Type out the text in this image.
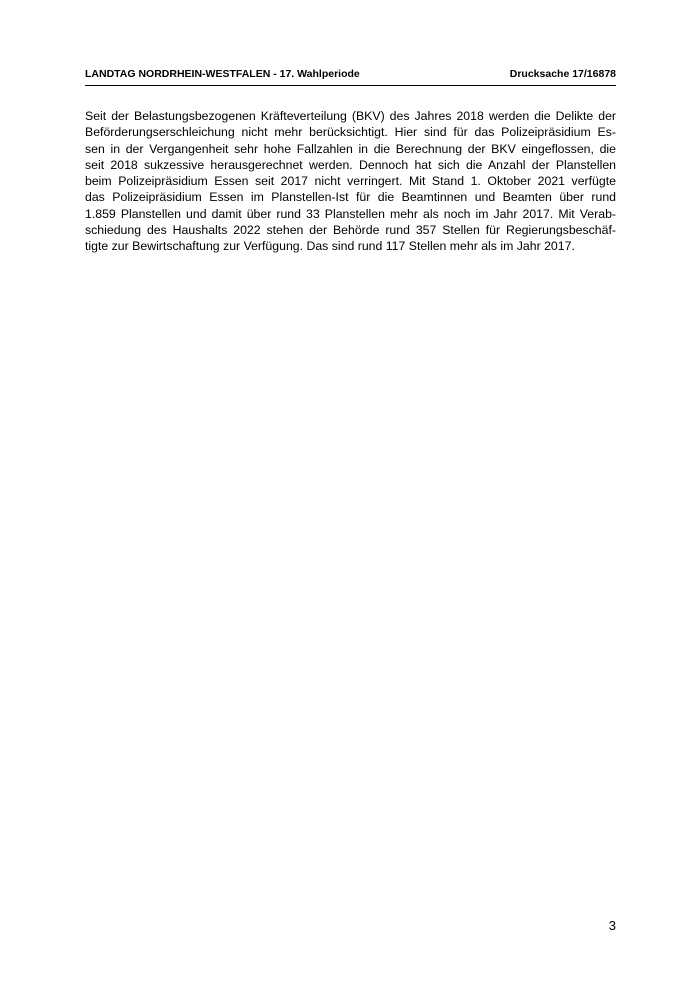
LANDTAG NORDRHEIN-WESTFALEN - 17. Wahlperiode	Drucksache 17/16878
Seit der Belastungsbezogenen Kräfteverteilung (BKV) des Jahres 2018 werden die Delikte der
Beförderungserschleichung nicht mehr berücksichtigt. Hier sind für das Polizeipräsidium Es-
sen in der Vergangenheit sehr hohe Fallzahlen in die Berechnung der BKV eingeflossen, die
seit 2018 sukzessive herausgerechnet werden. Dennoch hat sich die Anzahl der Planstellen
beim Polizeipräsidium Essen seit 2017 nicht verringert. Mit Stand 1. Oktober 2021 verfügte
das Polizeipräsidium Essen im Planstellen-Ist für die Beamtinnen und Beamten über rund
1.859 Planstellen und damit über rund 33 Planstellen mehr als noch im Jahr 2017. Mit Verab-
schiedung des Haushalts 2022 stehen der Behörde rund 357 Stellen für Regierungsbeschäf-
tigte zur Bewirtschaftung zur Verfügung. Das sind rund 117 Stellen mehr als im Jahr 2017.
3
